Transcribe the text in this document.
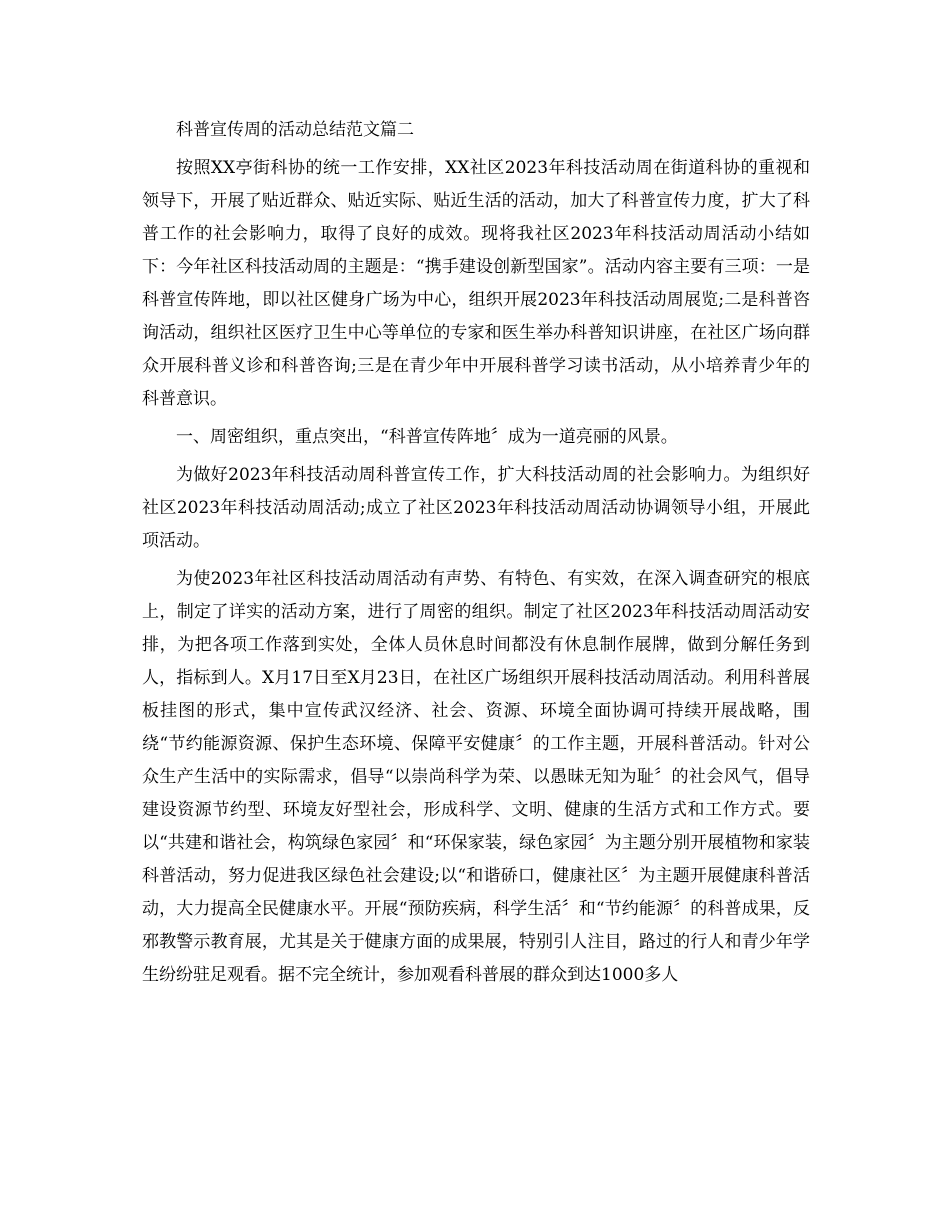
科普宣传周的活动总结范文篇二

按照XX亭街科协的统一工作安排，XX社区2023年科技活动周在街道科协的重视和领导下，开展了贴近群众、贴近实际、贴近生活的活动，加大了科普宣传力度，扩大了科普工作的社会影响力，取得了良好的成效。现将我社区2023年科技活动周活动小结如下：今年社区科技活动周的主题是：“携手建设创新型国家”。活动内容主要有三项：一是科普宣传阵地，即以社区健身广场为中心，组织开展2023年科技活动周展览;二是科普咨询活动，组织社区医疗卫生中心等单位的专家和医生举办科普知识讲座，在社区广场向群众开展科普义诊和科普咨询;三是在青少年中开展科普学习读书活动，从小培养青少年的科普意识。

一、周密组织，重点突出，“科普宣传阵地〞成为一道亮丽的风景。

为做好2023年科技活动周科普宣传工作，扩大科技活动周的社会影响力。为组织好社区2023年科技活动周活动;成立了社区2023年科技活动周活动协调领导小组，开展此项活动。

为使2023年社区科技活动周活动有声势、有特色、有实效，在深入调查研究的根底上，制定了详实的活动方案，进行了周密的组织。制定了社区2023年科技活动周活动安排，为把各项工作落到实处，全体人员休息时间都没有休息制作展牌，做到分解任务到人，指标到人。X月17日至X月23日，在社区广场组织开展科技活动周活动。利用科普展板挂图的形式，集中宣传武汉经济、社会、资源、环境全面协调可持续开展战略，围绕“节约能源资源、保护生态环境、保障平安健康〞的工作主题，开展科普活动。针对公众生产生活中的实际需求，倡导“以崇尚科学为荣、以愚昧无知为耻〞的社会风气，倡导建设资源节约型、环境友好型社会，形成科学、文明、健康的生活方式和工作方式。要以“共建和谐社会，构筑绿色家园〞和“环保家装，绿色家园〞为主题分别开展植物和家装科普活动，努力促进我区绿色社会建设;以“和谐硚口，健康社区〞为主题开展健康科普活动，大力提高全民健康水平。开展“预防疾病，科学生活〞和“节约能源〞的科普成果，反邪教警示教育展，尤其是关于健康方面的成果展，特别引人注目，路过的行人和青少年学生纷纷驻足观看。据不完全统计，参加观看科普展的群众到达1000多人
